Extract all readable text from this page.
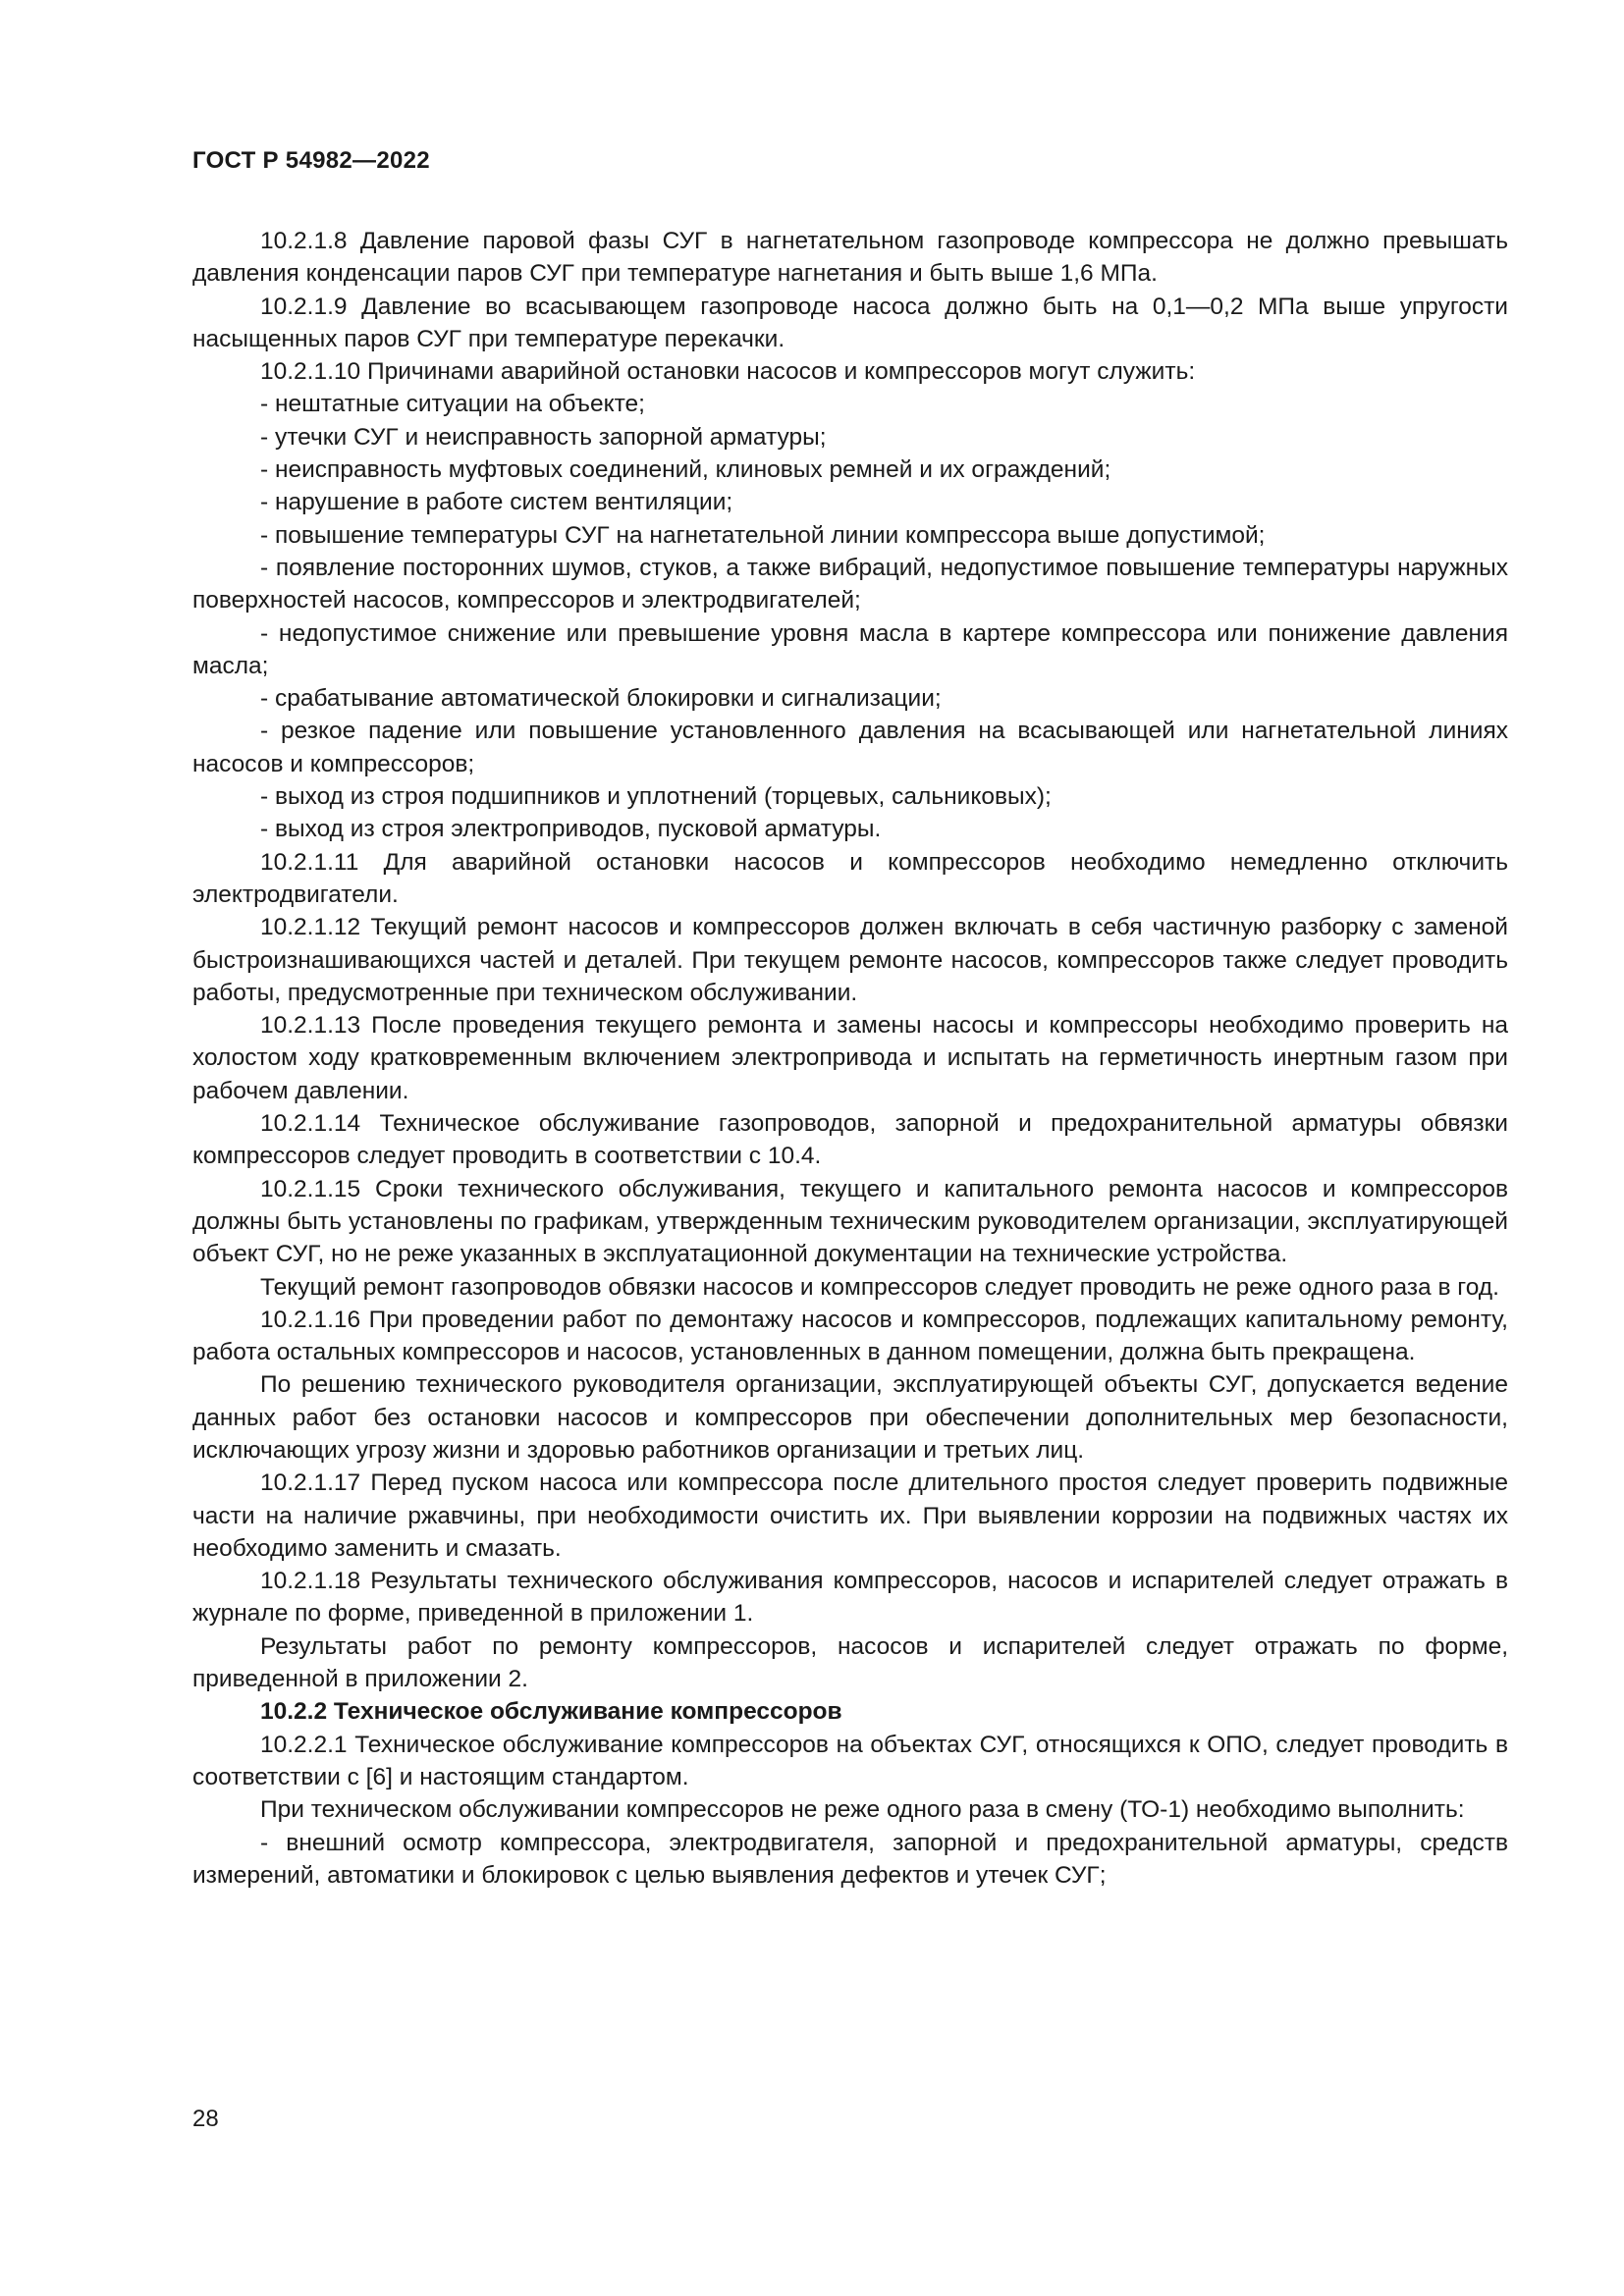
ГОСТ Р 54982—2022

10.2.1.8 Давление паровой фазы СУГ в нагнетательном газопроводе компрессора не должно превышать давления конденсации паров СУГ при температуре нагнетания и быть выше 1,6 МПа.

10.2.1.9 Давление во всасывающем газопроводе насоса должно быть на 0,1—0,2 МПа выше упругости насыщенных паров СУГ при температуре перекачки.

10.2.1.10 Причинами аварийной остановки насосов и компрессоров могут служить:

- нештатные ситуации на объекте;

- утечки СУГ и неисправность запорной арматуры;

- неисправность муфтовых соединений, клиновых ремней и их ограждений;

- нарушение в работе систем вентиляции;

- повышение температуры СУГ на нагнетательной линии компрессора выше допустимой;

- появление посторонних шумов, стуков, а также вибраций, недопустимое повышение температуры наружных поверхностей насосов, компрессоров и электродвигателей;

- недопустимое снижение или превышение уровня масла в картере компрессора или понижение давления масла;

- срабатывание автоматической блокировки и сигнализации;

- резкое падение или повышение установленного давления на всасывающей или нагнетательной линиях насосов и компрессоров;

- выход из строя подшипников и уплотнений (торцевых, сальниковых);

- выход из строя электроприводов, пусковой арматуры.

10.2.1.11 Для аварийной остановки насосов и компрессоров необходимо немедленно отключить электродвигатели.

10.2.1.12 Текущий ремонт насосов и компрессоров должен включать в себя частичную разборку с заменой быстроизнашивающихся частей и деталей. При текущем ремонте насосов, компрессоров также следует проводить работы, предусмотренные при техническом обслуживании.

10.2.1.13 После проведения текущего ремонта и замены насосы и компрессоры необходимо проверить на холостом ходу кратковременным включением электропривода и испытать на герметичность инертным газом при рабочем давлении.

10.2.1.14 Техническое обслуживание газопроводов, запорной и предохранительной арматуры обвязки компрессоров следует проводить в соответствии с 10.4.

10.2.1.15 Сроки технического обслуживания, текущего и капитального ремонта насосов и компрессоров должны быть установлены по графикам, утвержденным техническим руководителем организации, эксплуатирующей объект СУГ, но не реже указанных в эксплуатационной документации на технические устройства.

Текущий ремонт газопроводов обвязки насосов и компрессоров следует проводить не реже одного раза в год.

10.2.1.16 При проведении работ по демонтажу насосов и компрессоров, подлежащих капитальному ремонту, работа остальных компрессоров и насосов, установленных в данном помещении, должна быть прекращена.

По решению технического руководителя организации, эксплуатирующей объекты СУГ, допускается ведение данных работ без остановки насосов и компрессоров при обеспечении дополнительных мер безопасности, исключающих угрозу жизни и здоровью работников организации и третьих лиц.

10.2.1.17 Перед пуском насоса или компрессора после длительного простоя следует проверить подвижные части на наличие ржавчины, при необходимости очистить их. При выявлении коррозии на подвижных частях их необходимо заменить и смазать.

10.2.1.18 Результаты технического обслуживания компрессоров, насосов и испарителей следует отражать в журнале по форме, приведенной в приложении 1.

Результаты работ по ремонту компрессоров, насосов и испарителей следует отражать по форме, приведенной в приложении 2.

10.2.2 Техническое обслуживание компрессоров

10.2.2.1 Техническое обслуживание компрессоров на объектах СУГ, относящихся к ОПО, следует проводить в соответствии с [6] и настоящим стандартом.

При техническом обслуживании компрессоров не реже одного раза в смену (ТО-1) необходимо выполнить:

- внешний осмотр компрессора, электродвигателя, запорной и предохранительной арматуры, средств измерений, автоматики и блокировок с целью выявления дефектов и утечек СУГ;

28
